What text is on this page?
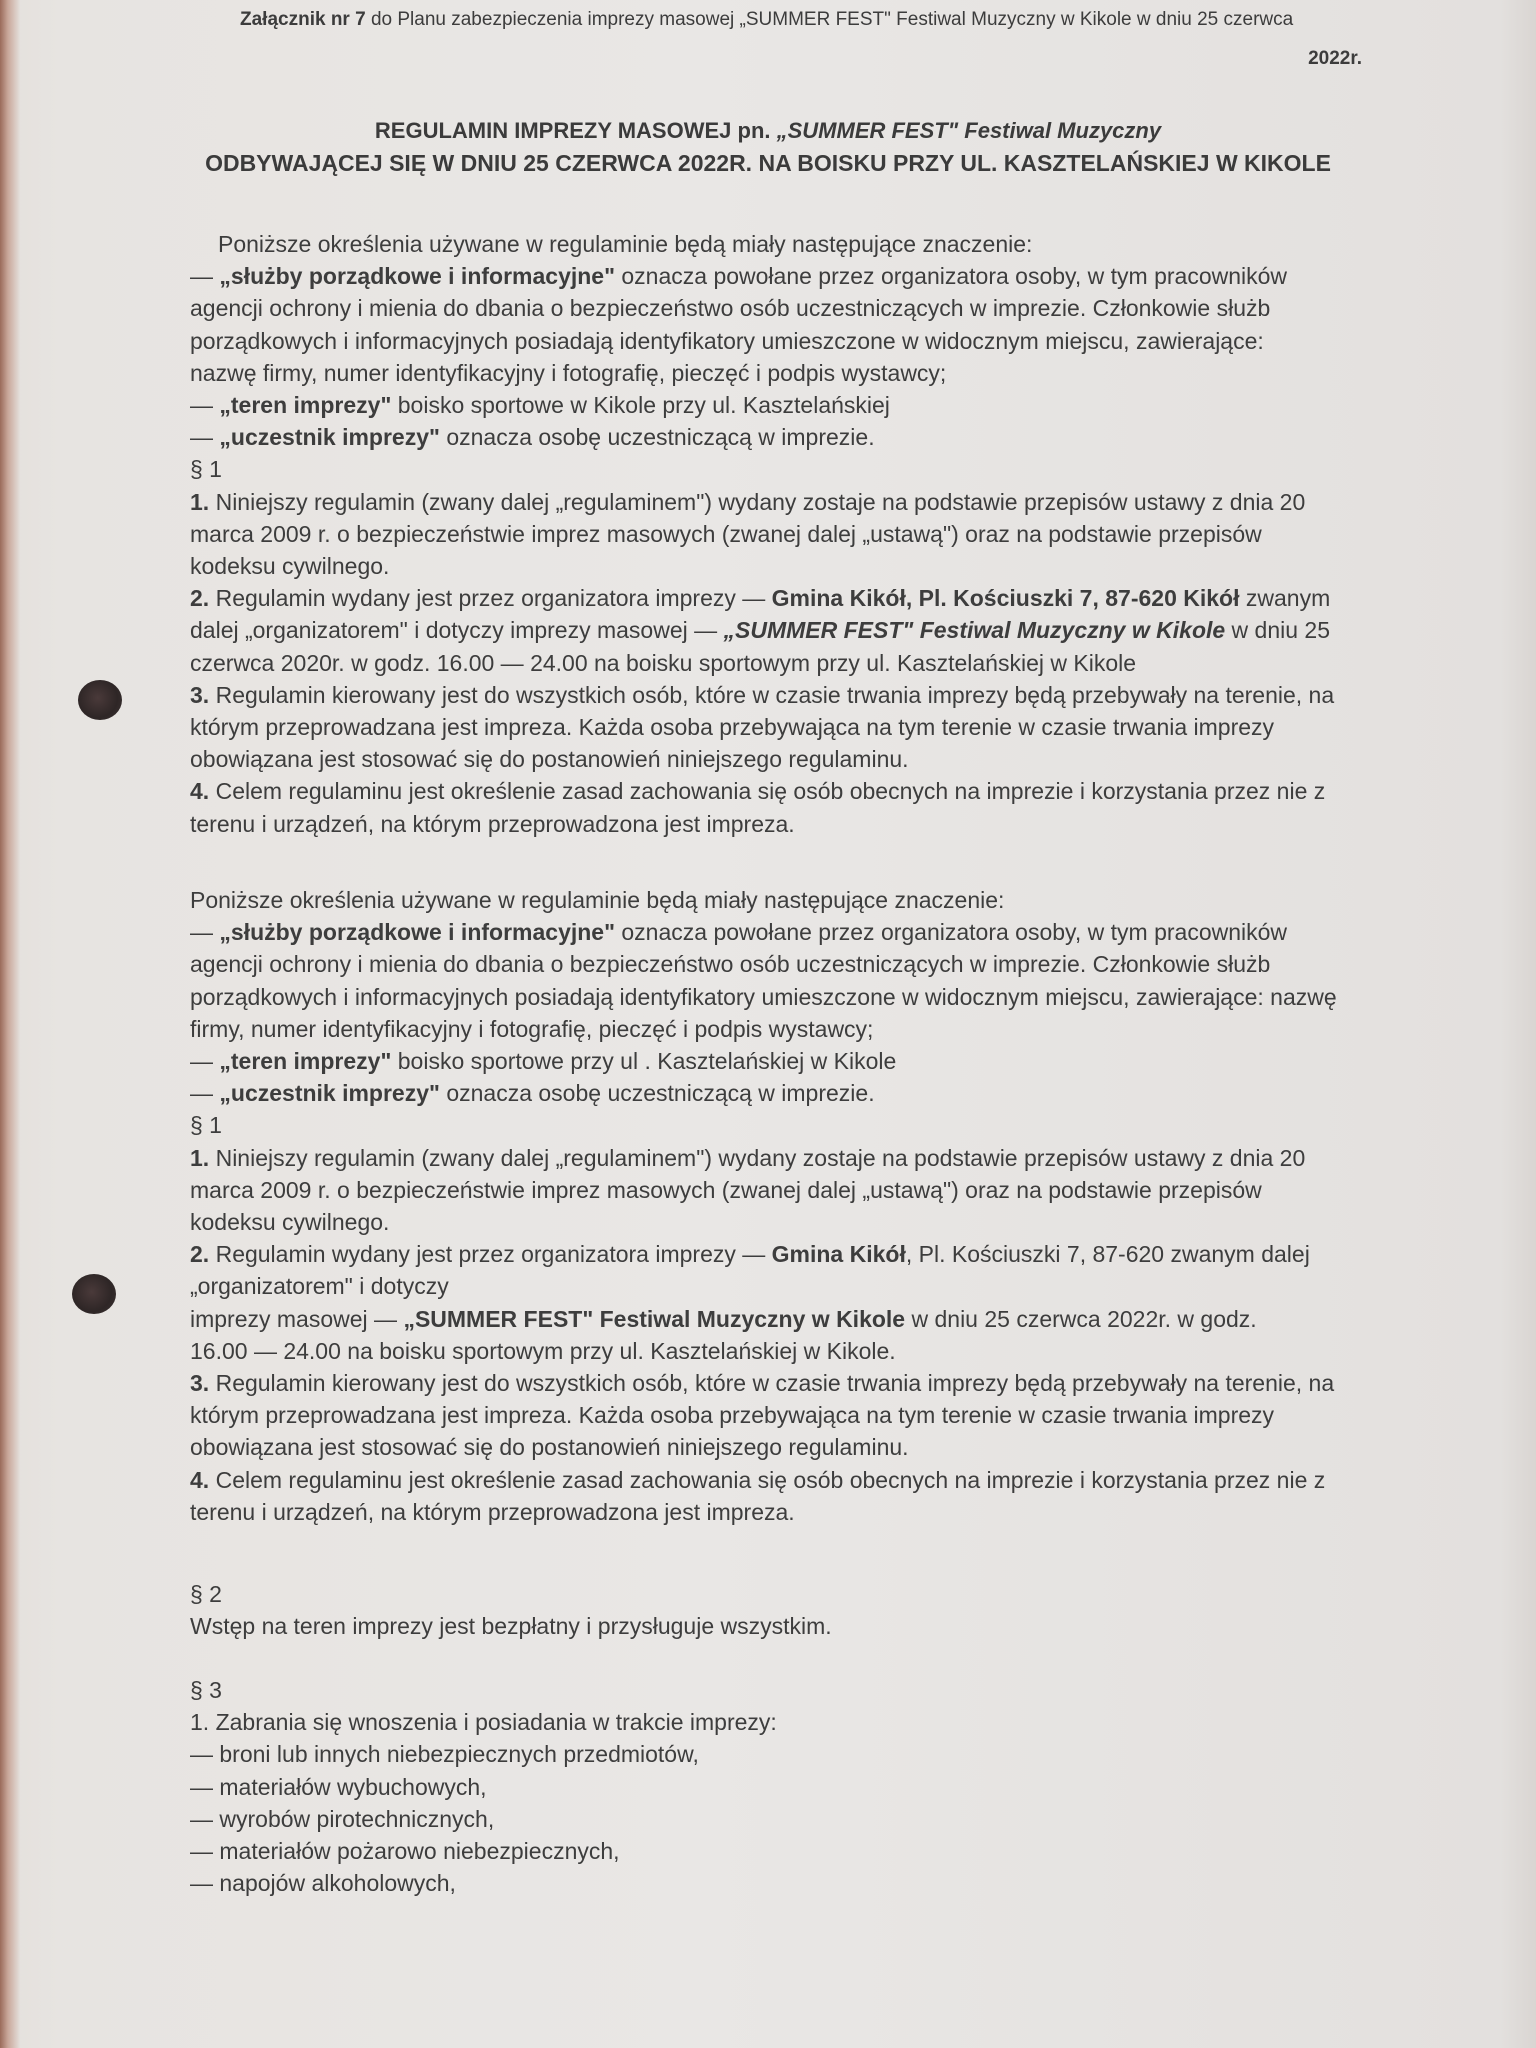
Załącznik nr 7 do Planu zabezpieczenia imprezy masowej „SUMMER FEST" Festiwal Muzyczny w Kikole w dniu 25 czerwca
2022r.
REGULAMIN IMPREZY MASOWEJ pn. „SUMMER FEST" Festiwal Muzyczny
ODBYWAJĄCEJ SIĘ W DNIU 25 CZERWCA 2022R. NA BOISKU PRZY UL. KASZTELAŃSKIEJ W KIKOLE

Poniższe określenia używane w regulaminie będą miały następujące znaczenie:

— „służby porządkowe i informacyjne" oznacza powołane przez organizatora osoby, w tym pracowników

agencji ochrony i mienia do dbania o bezpieczeństwo osób uczestniczących w imprezie. Członkowie służb

porządkowych i informacyjnych posiadają identyfikatory umieszczone w widocznym miejscu, zawierające:

nazwę firmy, numer identyfikacyjny i fotografię, pieczęć i podpis wystawcy;

— „teren imprezy" boisko sportowe w Kikole przy ul. Kasztelańskiej

— „uczestnik imprezy" oznacza osobę uczestniczącą w imprezie.

§ 1

1. Niniejszy regulamin (zwany dalej „regulaminem") wydany zostaje na podstawie przepisów ustawy z dnia 20

marca 2009 r. o bezpieczeństwie imprez masowych (zwanej dalej „ustawą") oraz na podstawie przepisów

kodeksu cywilnego.

2. Regulamin wydany jest przez organizatora imprezy — Gmina Kikół, Pl. Kościuszki 7, 87-620 Kikół zwanym

dalej „organizatorem" i dotyczy imprezy masowej — „SUMMER FEST" Festiwal Muzyczny w Kikole w dniu 25

czerwca 2020r. w godz. 16.00 — 24.00 na boisku sportowym przy ul. Kasztelańskiej w Kikole

3. Regulamin kierowany jest do wszystkich osób, które w czasie trwania imprezy będą przebywały na terenie, na

którym przeprowadzana jest impreza. Każda osoba przebywająca na tym terenie w czasie trwania imprezy

obowiązana jest stosować się do postanowień niniejszego regulaminu.

4. Celem regulaminu jest określenie zasad zachowania się osób obecnych na imprezie i korzystania przez nie z

terenu i urządzeń, na którym przeprowadzona jest impreza.

Poniższe określenia używane w regulaminie będą miały następujące znaczenie:

— „służby porządkowe i informacyjne" oznacza powołane przez organizatora osoby, w tym pracowników

agencji ochrony i mienia do dbania o bezpieczeństwo osób uczestniczących w imprezie. Członkowie służb

porządkowych i informacyjnych posiadają identyfikatory umieszczone w widocznym miejscu, zawierające: nazwę

firmy, numer identyfikacyjny i fotografię, pieczęć i podpis wystawcy;

— „teren imprezy" boisko sportowe przy ul . Kasztelańskiej w Kikole

— „uczestnik imprezy" oznacza osobę uczestniczącą w imprezie.

§ 1

1. Niniejszy regulamin (zwany dalej „regulaminem") wydany zostaje na podstawie przepisów ustawy z dnia 20

marca 2009 r. o bezpieczeństwie imprez masowych (zwanej dalej „ustawą") oraz na podstawie przepisów

kodeksu cywilnego.

2. Regulamin wydany jest przez organizatora imprezy — Gmina Kikół, Pl. Kościuszki 7, 87-620 zwanym dalej

„organizatorem" i dotyczy

imprezy masowej — „SUMMER FEST" Festiwal Muzyczny w Kikole w dniu 25 czerwca 2022r. w godz.

16.00 — 24.00 na boisku sportowym przy ul. Kasztelańskiej w Kikole.

3. Regulamin kierowany jest do wszystkich osób, które w czasie trwania imprezy będą przebywały na terenie, na

którym przeprowadzana jest impreza. Każda osoba przebywająca na tym terenie w czasie trwania imprezy

obowiązana jest stosować się do postanowień niniejszego regulaminu.

4. Celem regulaminu jest określenie zasad zachowania się osób obecnych na imprezie i korzystania przez nie z

terenu i urządzeń, na którym przeprowadzona jest impreza.

§ 2

Wstęp na teren imprezy jest bezpłatny i przysługuje wszystkim.

§ 3

1. Zabrania się wnoszenia i posiadania w trakcie imprezy:

— broni lub innych niebezpiecznych przedmiotów,

— materiałów wybuchowych,

— wyrobów pirotechnicznych,

— materiałów pożarowo niebezpiecznych,

— napojów alkoholowych,
